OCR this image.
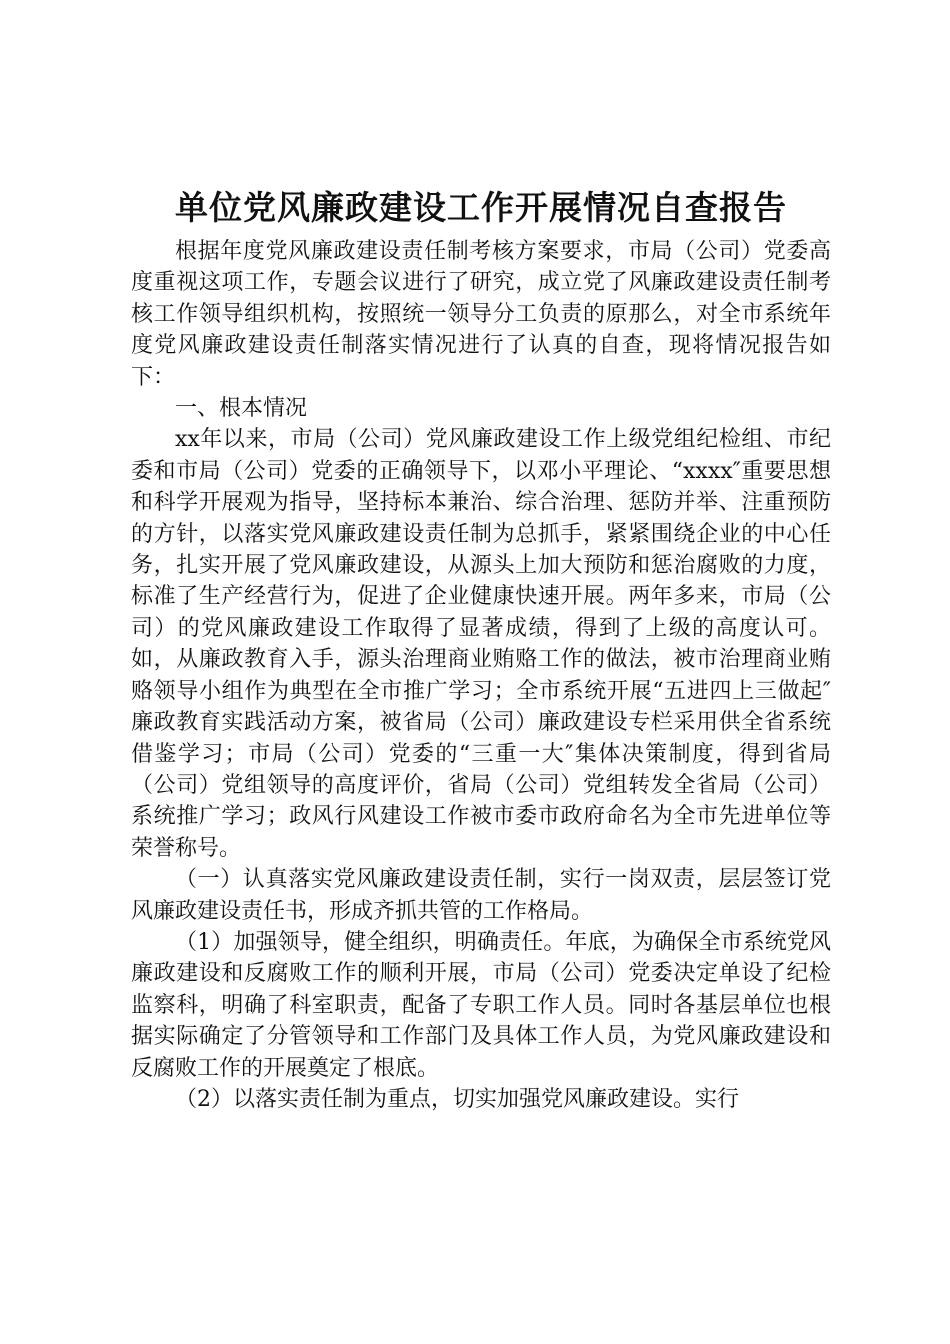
单位党风廉政建设工作开展情况自查报告

根据年度党风廉政建设责任制考核方案要求，市局（公司）党委高度重视这项工作，专题会议进行了研究，成立党了风廉政建设责任制考核工作领导组织机构，按照统一领导分工负责的原那么，对全市系统年度党风廉政建设责任制落实情况进行了认真的自查，现将情况报告如下：

一、根本情况

xx年以来，市局（公司）党风廉政建设工作上级党组纪检组、市纪委和市局（公司）党委的正确领导下，以邓小平理论、“xxxx″重要思想和科学开展观为指导，坚持标本兼治、综合治理、惩防并举、注重预防的方针，以落实党风廉政建设责任制为总抓手，紧紧围绕企业的中心任务，扎实开展了党风廉政建设，从源头上加大预防和惩治腐败的力度，标准了生产经营行为，促进了企业健康快速开展。两年多来，市局（公司）的党风廉政建设工作取得了显著成绩，得到了上级的高度认可。如，从廉政教育入手，源头治理商业贿赂工作的做法，被市治理商业贿赂领导小组作为典型在全市推广学习；全市系统开展“五进四上三做起″廉政教育实践活动方案，被省局（公司）廉政建设专栏采用供全省系统借鉴学习；市局（公司）党委的“三重一大″集体决策制度，得到省局（公司）党组领导的高度评价，省局（公司）党组转发全省局（公司）系统推广学习；政风行风建设工作被市委市政府命名为全市先进单位等荣誉称号。

（一）认真落实党风廉政建设责任制，实行一岗双责，层层签订党风廉政建设责任书，形成齐抓共管的工作格局。

（1）加强领导，健全组织，明确责任。年底，为确保全市系统党风廉政建设和反腐败工作的顺利开展，市局（公司）党委决定单设了纪检监察科，明确了科室职责，配备了专职工作人员。同时各基层单位也根据实际确定了分管领导和工作部门及具体工作人员，为党风廉政建设和反腐败工作的开展奠定了根底。

（2）以落实责任制为重点，切实加强党风廉政建设。实行
